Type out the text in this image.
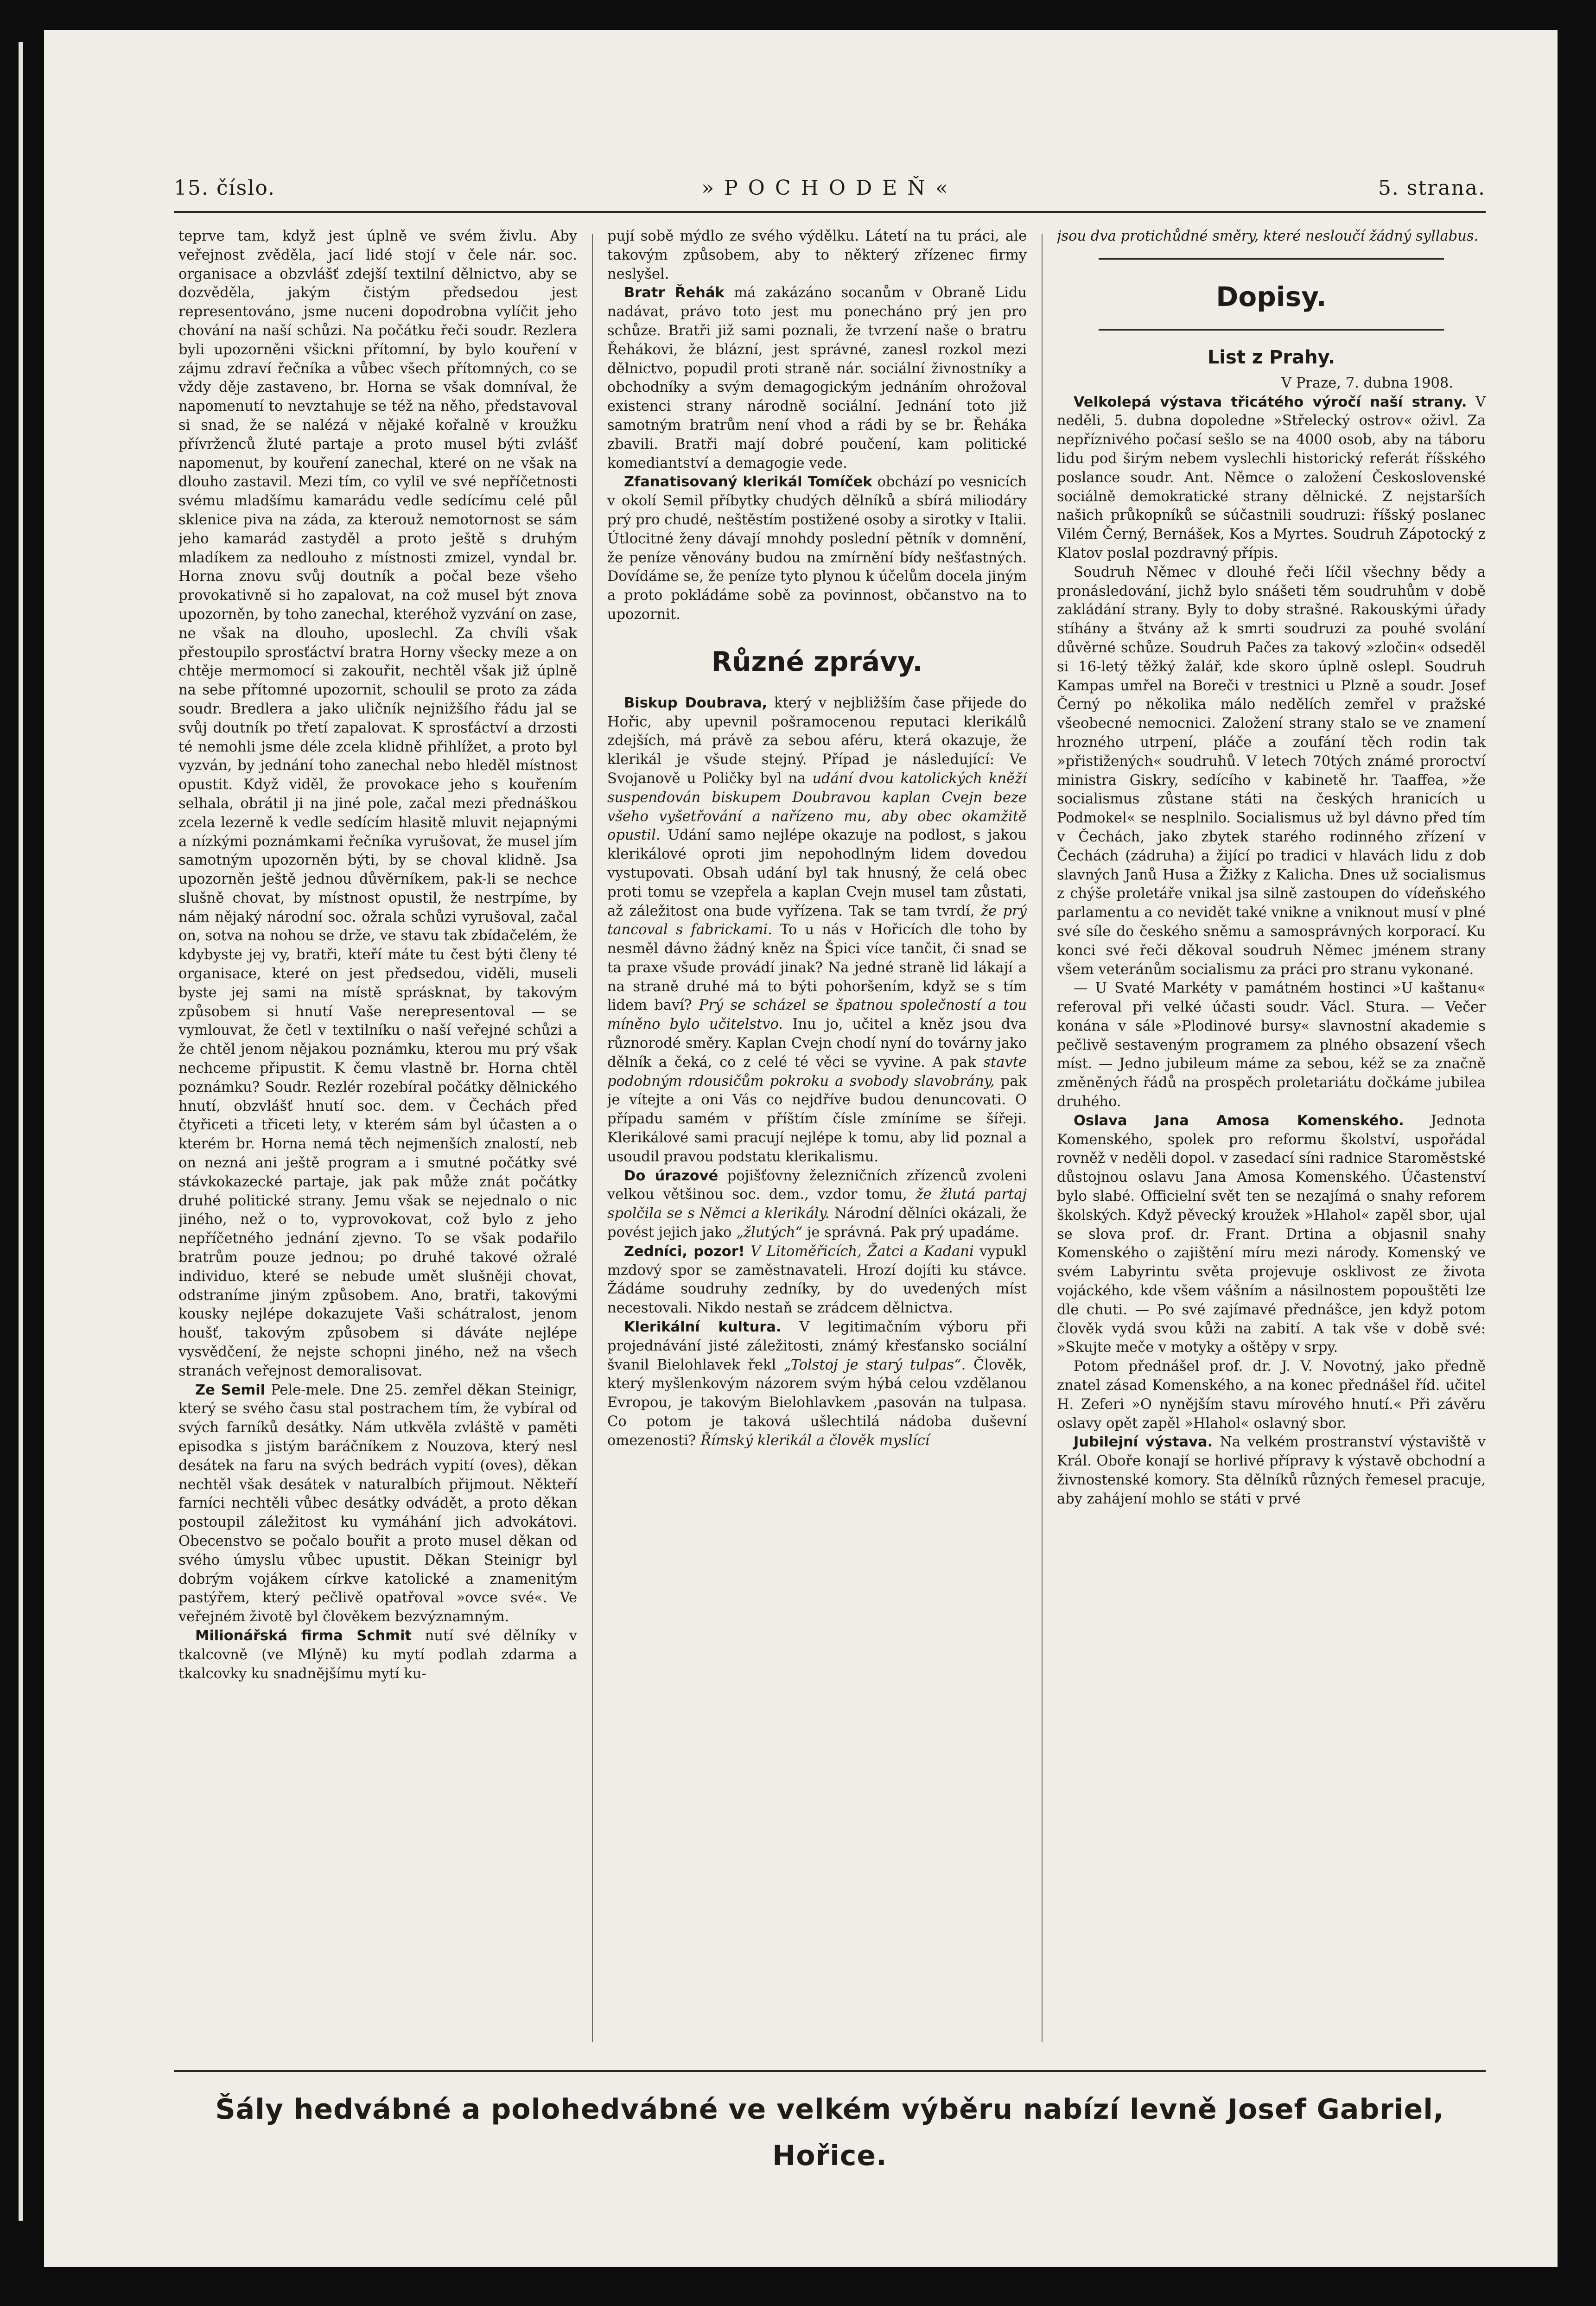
15. číslo.	»POCHODEŇ«	5. strana.

teprve tam, když jest úplně ve svém živlu. Aby veřejnost zvěděla, jací lidé stojí v čele nár. soc. organisace a obzvlášť zdejší textilní dělnictvo, aby se dozvěděla, jakým čistým předsedou jest representováno, jsme nuceni dopodrobna vylíčit jeho chování na naší schůzi. Na počátku řeči soudr. Rezlera byli upozorněni všickni přítomní, by bylo kouření v zájmu zdraví řečníka a vůbec všech přítomných, co se vždy děje zastaveno, br. Horna se však domníval, že napomenutí to nevztahuje se též na něho, představoval si snad, že se nalézá v nějaké kořalně v kroužku přívrženců žluté partaje a proto musel býti zvlášť napomenut, by kouření zanechal, které on ne však na dlouho zastavil. Mezi tím, co vylil ve své nepříčetnosti svému mladšímu kamarádu vedle sedícímu celé půl sklenice piva na záda, za kterouž nemotornost se sám jeho kamarád zastyděl a proto ještě s druhým mladíkem za nedlouho z místnosti zmizel, vyndal br. Horna znovu svůj doutník a počal beze všeho provokativně si ho zapalovat, na což musel být znova upozorněn, by toho zanechal, kteréhož vyzvání on zase, ne však na dlouho, uposlechl. Za chvíli však přestoupilo sprosťáctví bratra Horny všecky meze a on chtěje mermomocí si zakouřit, nechtěl však již úplně na sebe přítomné upozornit, schoulil se proto za záda soudr. Bredlera a jako uličník nejnižšího řádu jal se svůj doutník po třetí zapalovat. K sprosťáctví a drzosti té nemohli jsme déle zcela klidně přihlížet, a proto byl vyzván, by jednání toho zanechal nebo hleděl místnost opustit. Když viděl, že provokace jeho s kouřením selhala, obrátil ji na jiné pole, začal mezi přednáškou zcela lezerně k vedle sedícím hlasitě mluvit nejapnými a nízkými poznámkami řečníka vyrušovat, že musel jím samotným upozorněn býti, by se choval klidně. Jsa upozorněn ještě jednou důvěrníkem, pak-li se nechce slušně chovat, by místnost opustil, že nestrpíme, by nám nějaký národní soc. ožrala schůzi vyrušoval, začal on, sotva na nohou se drže, ve stavu tak zbídačelém, že kdybyste jej vy, bratři, kteří máte tu čest býti členy té organisace, které on jest předsedou, viděli, museli byste jej sami na místě sprásknat, by takovým způsobem si hnutí Vaše nerepresentoval — se vymlouvat, že četl v textilníku o naší veřejné schůzi a že chtěl jenom nějakou poznámku, kterou mu prý však nechceme připustit. K čemu vlastně br. Horna chtěl poznámku? Soudr. Rezlér rozebíral počátky dělnického hnutí, obzvlášť hnutí soc. dem. v Čechách před čtyřiceti a třiceti lety, v kterém sám byl účasten a o kterém br. Horna nemá těch nejmenších znalostí, neb on nezná ani ještě program a i smutné počátky své stávkokazecké partaje, jak pak může znát počátky druhé politické strany. Jemu však se nejednalo o nic jiného, než o to, vyprovokovat, což bylo z jeho nepříčetného jednání zjevno. To se však podařilo bratrům pouze jednou; po druhé takové ožralé individuo, které se nebude umět slušněji chovat, odstraníme jiným způsobem. Ano, bratři, takovými kousky nejlépe dokazujete Vaši schátralost, jenom houšť, takovým způsobem si dáváte nejlépe vysvědčení, že nejste schopni jiného, než na všech stranách veřejnost demoralisovat.

Ze Semil Pele-mele. Dne 25. zemřel děkan Steinigr, který se svého času stal postrachem tím, že vybíral od svých farníků desátky. Nám utkvěla zvláště v paměti episodka s jistým baráčníkem z Nouzova, který nesl desátek na faru na svých bedrách vypití (oves), děkan nechtěl však desátek v naturalbích přijmout. Někteří farníci nechtěli vůbec desátky odvádět, a proto děkan postoupil záležitost ku vymáhání jich advokátovi. Obecenstvo se počalo bouřit a proto musel děkan od svého úmyslu vůbec upustit. Děkan Steinigr byl dobrým vojákem církve katolické a znamenitým pastýřem, který pečlivě opatřoval »ovce své«. Ve veřejném životě byl člověkem bezvýznamným.

Milionářská firma Schmit nutí své dělníky v tkalcovně (ve Mlýně) ku mytí podlah zdarma a tkalcovky ku snadnějšímu mytí ku-

pují sobě mýdlo ze svého výdělku. Látetí na tu práci, ale takovým způsobem, aby to některý zřízenec firmy neslyšel.

Bratr Řehák má zakázáno socanům v Obraně Lidu nadávat, právo toto jest mu ponecháno prý jen pro schůze. Bratři již sami poznali, že tvrzení naše o bratru Řehákovi, že blázní, jest správné, zanesl rozkol mezi dělnictvo, popudil proti straně nár. sociální živnostníky a obchodníky a svým demagogickým jednáním ohrožoval existenci strany národně sociální. Jednání toto již samotným bratrům není vhod a rádi by se br. Řeháka zbavili. Bratři mají dobré poučení, kam politické komediantství a demagogie vede.

Zfanatisovaný klerikál Tomíček obchází po vesnicích v okolí Semil příbytky chudých dělníků a sbírá miliodáry prý pro chudé, neštěstím postižené osoby a sirotky v Italii. Útlocitné ženy dávají mnohdy poslední pětník v domnění, že peníze věnovány budou na zmírnění bídy nešťastných. Dovídáme se, že peníze tyto plynou k účelům docela jiným a proto pokládáme sobě za povinnost, občanstvo na to upozornit.

Různé zprávy.

Biskup Doubrava, který v nejbližším čase přijede do Hořic, aby upevnil pošramocenou reputaci klerikálů zdejších, má právě za sebou aféru, která okazuje, že klerikál je všude stejný. Případ je následující: Ve Svojanově u Poličky byl na udání dvou katolických kněží suspendován biskupem Doubravou kaplan Cvejn beze všeho vyšetřování a nařízeno mu, aby obec okamžitě opustil. Udání samo nejlépe okazuje na podlost, s jakou klerikálové oproti jim nepohodlným lidem dovedou vystupovati. Obsah udání byl tak hnusný, že celá obec proti tomu se vzepřela a kaplan Cvejn musel tam zůstati, až záležitost ona bude vyřízena. Tak se tam tvrdí, že prý tancoval s fabrickami. To u nás v Hořicích dle toho by nesměl dávno žádný kněz na Špici více tančit, či snad se ta praxe všude provádí jinak? Na jedné straně lid lákají a na straně druhé má to býti pohoršením, když se s tím lidem baví? Prý se scházel se špatnou společností a tou míněno bylo učitelstvo. Inu jo, učitel a kněz jsou dva různorodé směry. Kaplan Cvejn chodí nyní do továrny jako dělník a čeká, co z celé té věci se vyvine. A pak stavte podobným rdousičům pokroku a svobody slavobrány, pak je vítejte a oni Vás co nejdříve budou denuncovati. O případu samém v příštím čísle zmíníme se šířeji. Klerikálové sami pracují nejlépe k tomu, aby lid poznal a usoudil pravou podstatu klerikalismu.

Do úrazové pojišťovny železničních zřízenců zvoleni velkou většinou soc. dem., vzdor tomu, že žlutá partaj spolčila se s Němci a klerikály. Národní dělníci okázali, že povést jejich jako „žlutých“ je správná. Pak prý upadáme.

Zedníci, pozor! V Litoměřicích, Žatci a Kadani vypukl mzdový spor se zaměstnavateli. Hrozí dojíti ku stávce. Žádáme soudruhy zedníky, by do uvedených míst necestovali. Nikdo nestaň se zrádcem dělnictva.

Klerikální kultura. V legitimačním výboru při projednávání jisté záležitosti, známý křesťansko sociální švanil Bielohlavek řekl „Tolstoj je starý tulpas“. Člověk, který myšlenkovým názorem svým hýbá celou vzdělanou Evropou, je takovým Bielohlavkem ,pasován na tulpasa. Co potom je taková ušlechtilá nádoba duševní omezenosti? Římský klerikál a člověk myslící

jsou dva protichůdné směry, které nesloučí žádný syllabus.

Dopisy.
List z Prahy.

V Praze, 7. dubna 1908.

Velkolepá výstava třicátého výročí naší strany. V neděli, 5. dubna dopoledne »Střelecký ostrov« oživl. Za nepříznivého počasí sešlo se na 4000 osob, aby na táboru lidu pod širým nebem vyslechli historický referát říšského poslance soudr. Ant. Němce o založení Československé sociálně demokratické strany dělnické. Z nejstarších našich průkopníků se súčastnili soudruzi: říšský poslanec Vilém Černý, Bernášek, Kos a Myrtes. Soudruh Zápotocký z Klatov poslal pozdravný přípis.

Soudruh Němec v dlouhé řeči líčil všechny bědy a pronásledování, jichž bylo snášeti těm soudruhům v době zakládání strany. Byly to doby strašné. Rakouskými úřady stíhány a štvány až k smrti soudruzi za pouhé svolání důvěrné schůze. Soudruh Pačes za takový »zločin« odseděl si 16-letý těžký žalář, kde skoro úplně oslepl. Soudruh Kampas umřel na Boreči v trestnici u Plzně a soudr. Josef Černý po několika málo nedělích zemřel v pražské všeobecné nemocnici. Založení strany stalo se ve znamení hrozného utrpení, pláče a zoufání těch rodin tak »přistižených« soudruhů. V letech 70tých známé proroctví ministra Giskry, sedícího v kabinetě hr. Taaffea, »že socialismus zůstane státi na českých hranicích u Podmokel« se nesplnilo. Socialismus už byl dávno před tím v Čechách, jako zbytek starého rodinného zřízení v Čechách (zádruha) a žijící po tradici v hlavách lidu z dob slavných Janů Husa a Žižky z Kalicha. Dnes už socialismus z chýše proletáře vnikal jsa silně zastoupen do vídeňského parlamentu a co nevidět také vnikne a vniknout musí v plné své síle do českého sněmu a samosprávných korporací. Ku konci své řeči děkoval soudruh Němec jménem strany všem veteránům socialismu za práci pro stranu vykonané.

— U Svaté Markéty v památném hostinci »U kaštanu« referoval při velké účasti soudr. Václ. Stura. — Večer konána v sále »Plodinové bursy« slavnostní akademie s pečlivě sestaveným programem za plného obsazení všech míst. — Jedno jubileum máme za sebou, kéž se za značně změněných řádů na prospěch proletariátu dočkáme jubilea druhého.

Oslava Jana Amosa Komenského. Jednota Komenského, spolek pro reformu školství, uspořádal rovněž v neděli dopol. v zasedací síni radnice Staroměstské důstojnou oslavu Jana Amosa Komenského. Účastenství bylo slabé. Officielní svět ten se nezajímá o snahy reforem školských. Když pěvecký kroužek »Hlahol« zapěl sbor, ujal se slova prof. dr. Frant. Drtina a objasnil snahy Komenského o zajištění míru mezi národy. Komenský ve svém Labyrintu světa projevuje osklivost ze života vojáckého, kde všem vášním a násilnostem popouštěti lze dle chuti. — Po své zajímavé přednášce, jen když potom člověk vydá svou kůži na zabití. A tak vše v době své: »Skujte meče v motyky a oštěpy v srpy.

Potom přednášel prof. dr. J. V. Novotný, jako předně znatel zásad Komenského, a na konec přednášel říd. učitel H. Zeferi »O nynějším stavu mírového hnutí.« Při závěru oslavy opět zapěl »Hlahol« oslavný sbor.

Jubilejní výstava. Na velkém prostranství výstaviště v Král. Oboře konají se horlivé přípravy k výstavě obchodní a živnostenské komory. Sta dělníků různých řemesel pracuje, aby zahájení mohlo se státi v prvé

Šály hedvábné a polohedvábné ve velkém výběru nabízí levně Josef Gabriel, Hořice.
